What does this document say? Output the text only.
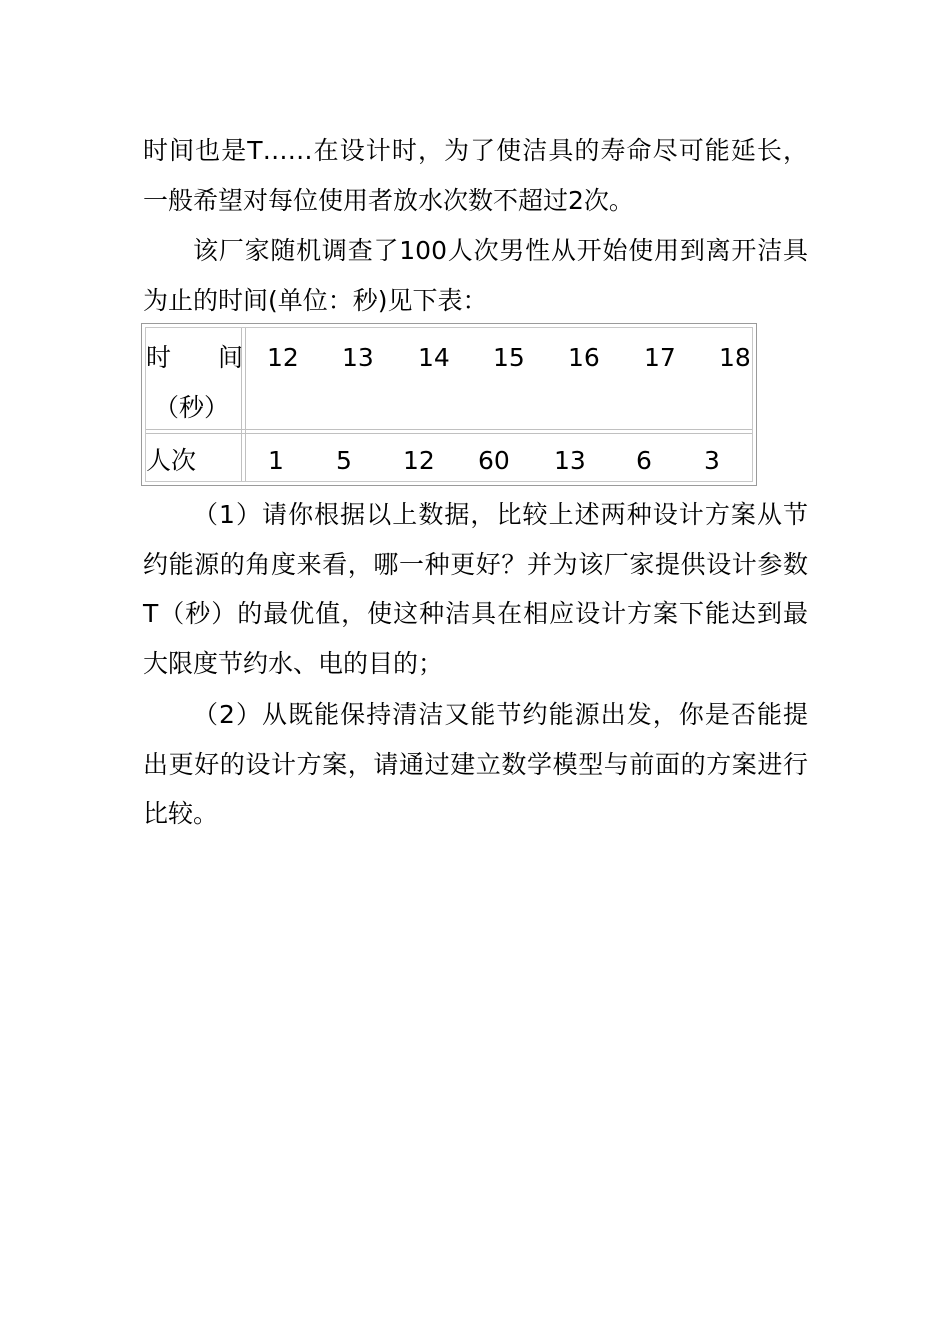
时间也是T……在设计时，为了使洁具的寿命尽可能延长，一般希望对每位使用者放水次数不超过2次。

该厂家随机调查了100人次男性从开始使用到离开洁具为止的时间(单位：秒)见下表：

时 间
（秒）
12 13 14 15 16 17 18
人次	1 5 12 60 13 6 3

（1）请你根据以上数据，比较上述两种设计方案从节约能源的角度来看，哪一种更好？并为该厂家提供设计参数T（秒）的最优值，使这种洁具在相应设计方案下能达到最大限度节约水、电的目的；

（2）从既能保持清洁又能节约能源出发，你是否能提出更好的设计方案，请通过建立数学模型与前面的方案进行比较。
